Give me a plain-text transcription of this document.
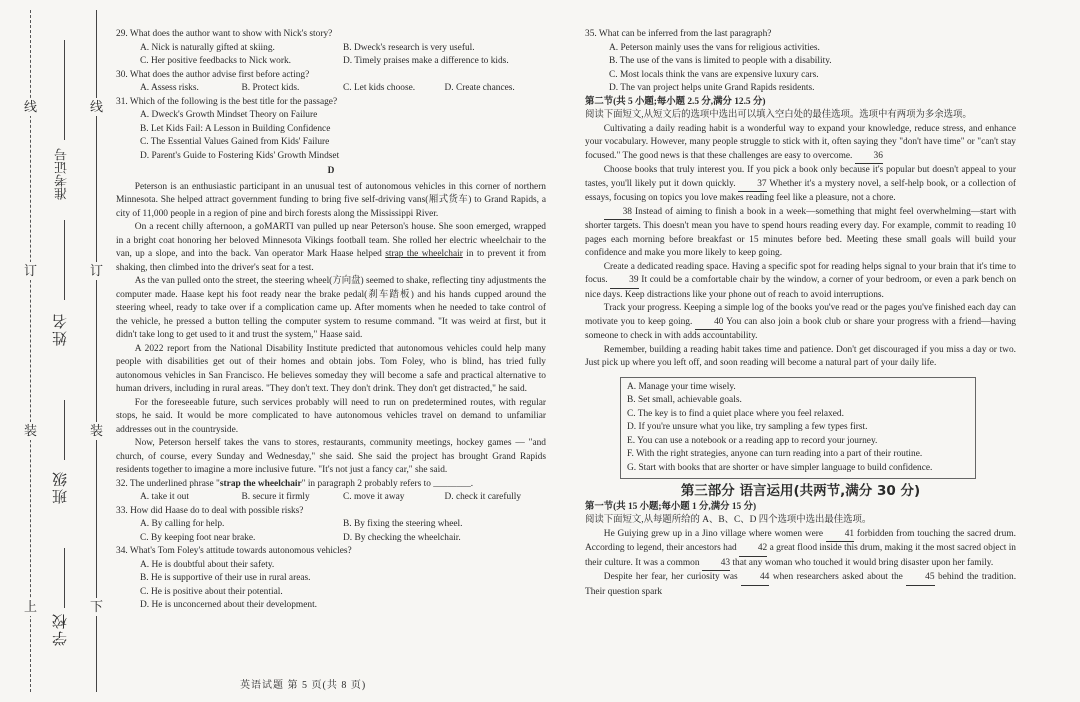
上
装
订
线
下
装
订
线
学校
班级
姓名
准考证号

29. What does the author want to show with Nick's story?

A. Nick is naturally gifted at skiing.	B. Dweck's research is very useful.
C. Her positive feedbacks to Nick work.	D. Timely praises make a difference to kids.

30. What does the author advise first before acting?

A. Assess risks.	B. Protect kids.	C. Let kids choose.	D. Create chances.

31. Which of the following is the best title for the passage?

A. Dweck's Growth Mindset Theory on Failure
B. Let Kids Fail: A Lesson in Building Confidence
C. The Essential Values Gained from Kids' Failure
D. Parent's Guide to Fostering Kids' Growth Mindset

D

Peterson is an enthusiastic participant in an unusual test of autonomous vehicles in this corner of northern Minnesota. She helped attract government funding to bring five self-driving vans(厢式货车) to Grand Rapids, a city of 11,000 people in a region of pine and birch forests along the Mississippi River.

On a recent chilly afternoon, a goMARTI van pulled up near Peterson's house. She soon emerged, wrapped in a bright coat honoring her beloved Minnesota Vikings football team. She rolled her electric wheelchair to the van, up a slope, and into the back. Van operator Mark Haase helped strap the wheelchair in to prevent it from shaking, then climbed into the driver's seat for a test.

As the van pulled onto the street, the steering wheel(方向盘) seemed to shake, reflecting tiny adjustments the computer made. Haase kept his foot ready near the brake pedal(刹车踏板) and his hands cupped around the steering wheel, ready to take over if a complication came up. After moments when he needed to take control of the vehicle, he pressed a button telling the computer system to resume command. "It was weird at first, but it didn't take long to get used to it and trust the system," Haase said.

A 2022 report from the National Disability Institute predicted that autonomous vehicles could help many people with disabilities get out of their homes and obtain jobs. Tom Foley, who is blind, has tried fully autonomous vehicles in San Francisco. He believes someday they will become a safe and practical alternative to human drivers, including in rural areas. "They don't text. They don't drink. They don't get distracted," he said.

For the foreseeable future, such services probably will need to run on predetermined routes, with regular stops, he said. It would be more complicated to have autonomous vehicles travel on demand to unfamiliar addresses out in the countryside.

Now, Peterson herself takes the vans to stores, restaurants, community meetings, hockey games — "and church, of course, every Sunday and Wednesday," she said. She said the project has brought Grand Rapids residents together to imagine a more inclusive future. "It's not just a fancy car," she said.

32. The underlined phrase "strap the wheelchair" in paragraph 2 probably refers to ________.

A. take it out	B. secure it firmly	C. move it away	D. check it carefully

33. How did Haase do to deal with possible risks?

A. By calling for help.	B. By fixing the steering wheel.
C. By keeping foot near brake.	D. By checking the wheelchair.

34. What's Tom Foley's attitude towards autonomous vehicles?

A. He is doubtful about their safety.
B. He is supportive of their use in rural areas.
C. He is positive about their potential.
D. He is unconcerned about their development.
英语试题 第 5 页(共 8 页)

35. What can be inferred from the last paragraph?

A. Peterson mainly uses the vans for religious activities.
B. The use of the vans is limited to people with a disability.
C. Most locals think the vans are expensive luxury cars.
D. The van project helps unite Grand Rapids residents.

第二节(共 5 小题;每小题 2.5 分,满分 12.5 分)

阅读下面短文,从短文后的选项中选出可以填入空白处的最佳选项。选项中有两项为多余选项。

Cultivating a daily reading habit is a wonderful way to expand your knowledge, reduce stress, and enhance your vocabulary. However, many people struggle to stick with it, often saying they "don't have time" or "can't stay focused." The good news is that these challenges are easy to overcome. 36

Choose books that truly interest you. If you pick a book only because it's popular but doesn't appeal to your tastes, you'll likely put it down quickly. 37 Whether it's a mystery novel, a self-help book, or a collection of essays, focusing on topics you love makes reading feel like a pleasure, not a chore.

38 Instead of aiming to finish a book in a week—something that might feel overwhelming—start with shorter targets. This doesn't mean you have to spend hours reading every day. For example, commit to reading 10 pages each morning before breakfast or 15 minutes before bed. Meeting these small goals will build your confidence and make you more likely to keep going.

Create a dedicated reading space. Having a specific spot for reading helps signal to your brain that it's time to focus. 39 It could be a comfortable chair by the window, a corner of your bedroom, or even a park bench on nice days. Keep distractions like your phone out of reach to avoid interruptions.

Track your progress. Keeping a simple log of the books you've read or the pages you've finished each day can motivate you to keep going. 40 You can also join a book club or share your progress with a friend—having someone to check in with adds accountability.

Remember, building a reading habit takes time and patience. Don't get discouraged if you miss a day or two. Just pick up where you left off, and soon reading will become a natural part of your daily life.

A. Manage your time wisely.
B. Set small, achievable goals.
C. The key is to find a quiet place where you feel relaxed.
D. If you're unsure what you like, try sampling a few types first.
E. You can use a notebook or a reading app to record your journey.
F. With the right strategies, anyone can turn reading into a part of their routine.
G. Start with books that are shorter or have simpler language to build confidence.

第三部分 语言运用(共两节,满分 30 分)

第一节(共 15 小题;每小题 1 分,满分 15 分)

阅读下面短文,从每题所给的 A、B、C、D 四个选项中选出最佳选项。

He Guiying grew up in a Jino village where women were 41 forbidden from touching the sacred drum. According to legend, their ancestors had 42 a great flood inside this drum, making it the most sacred object in their culture. It was a common 43 that any woman who touched it would bring disaster upon her family.

Despite her fear, her curiosity was 44 when researchers asked about the 45 behind the tradition. Their question spark
